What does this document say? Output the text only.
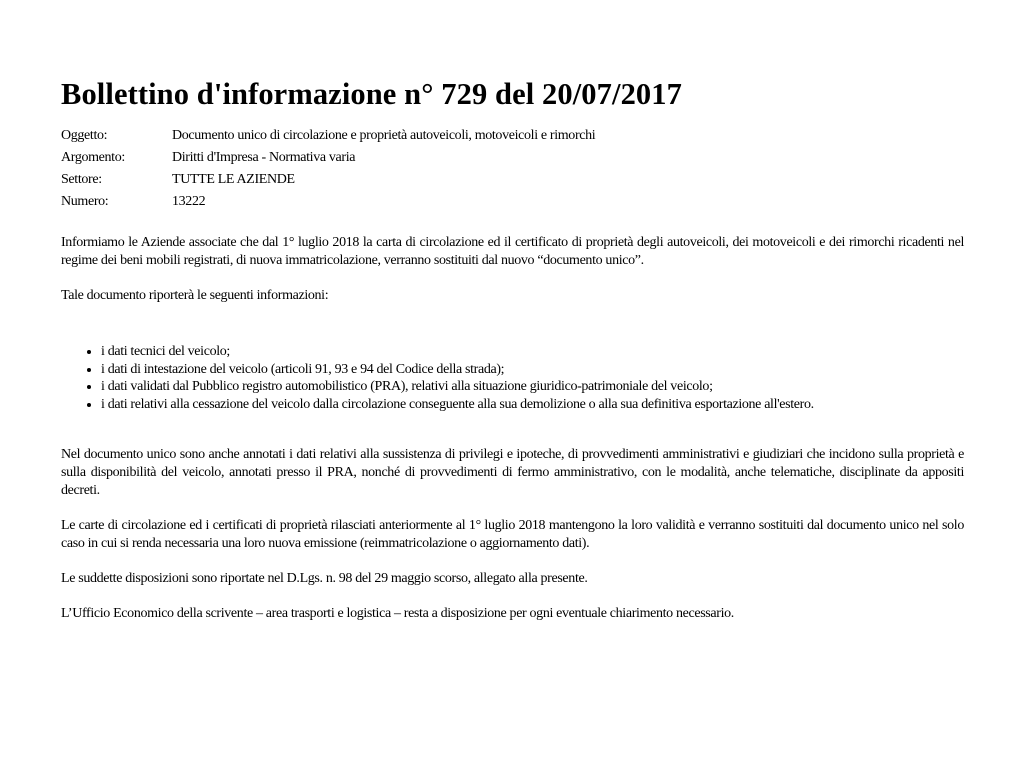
Bollettino d'informazione n° 729 del 20/07/2017
Oggetto:	Documento unico di circolazione e proprietà autoveicoli, motoveicoli e rimorchi
Argomento:	Diritti d'Impresa - Normativa varia
Settore:	TUTTE LE AZIENDE
Numero:	13222

Informiamo le Aziende associate che dal 1° luglio 2018 la carta di circolazione ed il certificato di proprietà degli autoveicoli, dei motoveicoli e dei rimorchi ricadenti nel regime dei beni mobili registrati, di nuova immatricolazione, verranno sostituiti dal nuovo “documento unico”.

Tale documento riporterà le seguenti informazioni:

• i dati tecnici del veicolo;
• i dati di intestazione del veicolo (articoli 91, 93 e 94 del Codice della strada);
• i dati validati dal Pubblico registro automobilistico (PRA), relativi alla situazione giuridico-patrimoniale del veicolo;
• i dati relativi alla cessazione del veicolo dalla circolazione conseguente alla sua demolizione o alla sua definitiva esportazione all'estero.

Nel documento unico sono anche annotati i dati relativi alla sussistenza di privilegi e ipoteche, di provvedimenti amministrativi e giudiziari che incidono sulla proprietà e sulla disponibilità del veicolo, annotati presso il PRA, nonché di provvedimenti di fermo amministrativo, con le modalità, anche telematiche, disciplinate da appositi decreti.

Le carte di circolazione ed i certificati di proprietà rilasciati anteriormente al 1° luglio 2018 mantengono la loro validità e verranno sostituiti dal documento unico nel solo caso in cui si renda necessaria una loro nuova emissione (reimmatricolazione o aggiornamento dati).

Le suddette disposizioni sono riportate nel D.Lgs. n. 98 del 29 maggio scorso, allegato alla presente.

L’Ufficio Economico della scrivente – area trasporti e logistica – resta a disposizione per ogni eventuale chiarimento necessario.
